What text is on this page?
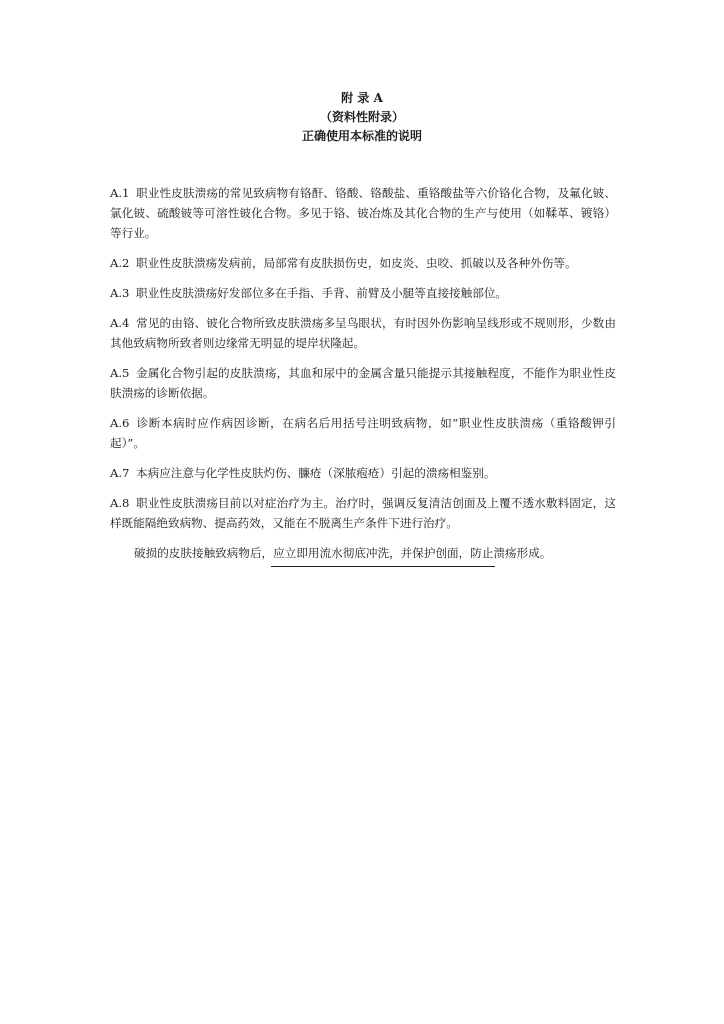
附 录 A
（资料性附录）
正确使用本标准的说明

A.1 职业性皮肤溃疡的常见致病物有铬酐、铬酸、铬酸盐、重铬酸盐等六价铬化合物，及氟化铍、氯化铍、硫酸铍等可溶性铍化合物。多见于铬、铍冶炼及其化合物的生产与使用（如鞣革、镀铬）等行业。

A.2 职业性皮肤溃疡发病前，局部常有皮肤损伤史，如皮炎、虫咬、抓破以及各种外伤等。

A.3 职业性皮肤溃疡好发部位多在手指、手背、前臂及小腿等直接接触部位。

A.4 常见的由铬、铍化合物所致皮肤溃疡多呈鸟眼状，有时因外伤影响呈线形或不规则形，少数由其他致病物所致者则边缘常无明显的堤岸状隆起。

A.5 金属化合物引起的皮肤溃疡，其血和尿中的金属含量只能提示其接触程度，不能作为职业性皮肤溃疡的诊断依据。

A.6 诊断本病时应作病因诊断，在病名后用括号注明致病物，如“职业性皮肤溃疡（重铬酸钾引起）”。

A.7 本病应注意与化学性皮肤灼伤、臁疮（深脓疱疮）引起的溃疡相鉴别。

A.8 职业性皮肤溃疡目前以对症治疗为主。治疗时，强调反复清洁创面及上覆不透水敷料固定，这样既能隔绝致病物、提高药效，又能在不脱离生产条件下进行治疗。

破损的皮肤接触致病物后，应立即用流水彻底冲洗，并保护创面，防止溃疡形成。
